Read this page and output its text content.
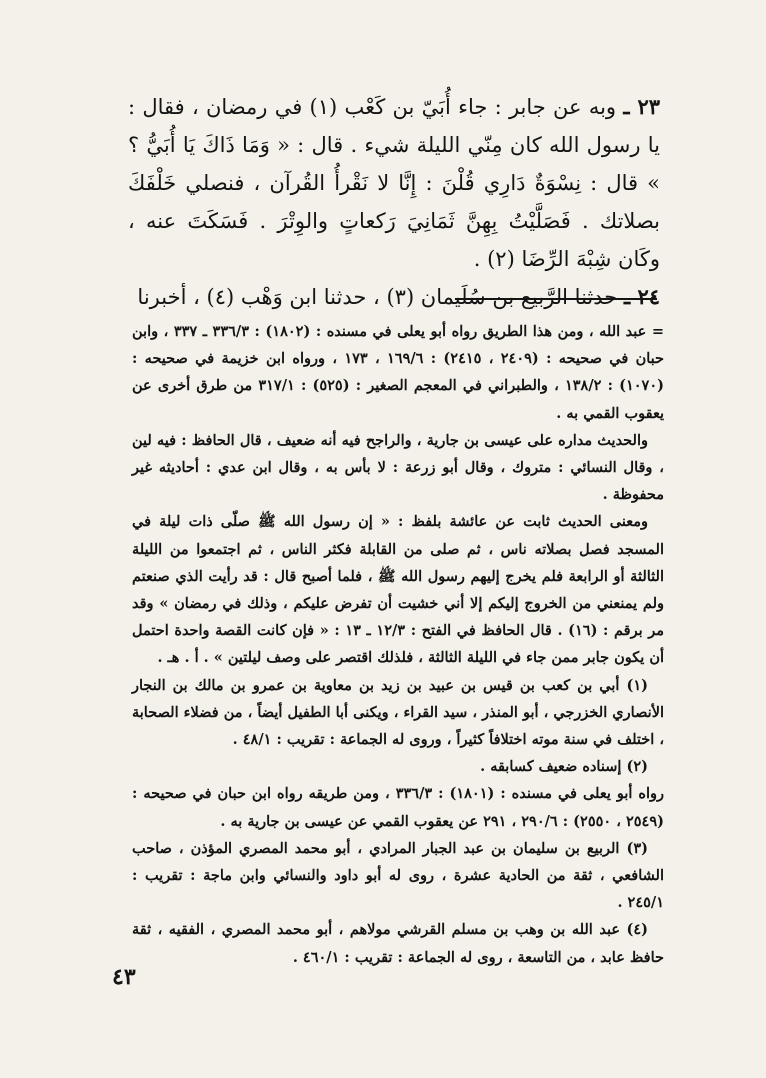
٢٣ ـ وبه عن جابر : جاء أُبَيّ بن كَعْب (١) في رمضان ، فقال : يا رسول الله كان مِنّي الليلة شيء . قال : « وَمَا ذَاكَ يَا أُبَيُّ ؟ » قال : نِسْوَةٌ دَارِي قُلْنَ : إِنَّا لا نَقْرأُ القُرآن ، فنصلي خَلْفَكَ بصلاتك . فَصَلَّيْتُ بِهِنَّ ثَمَانِيَ رَكعاتٍ والوِتْرَ . فَسَكَتَ عنه ، وكَان شِبْهَ الرِّضَا (٢) .

٢٤ ـ حدثنا الرَّبيع بن سُلَيمان (٣) ، حدثنا ابن وَهْب (٤) ، أخبرنا

= عبد الله ، ومن هذا الطريق رواه أبو يعلى في مسنده : (١٨٠٢) : ٣٣٦/٣ ـ ٣٣٧ ، وابن حبان في صحيحه : (٢٤٠٩ ، ٢٤١٥) : ١٦٩/٦ ، ١٧٣ ، ورواه ابن خزيمة في صحيحه : (١٠٧٠) : ١٣٨/٢ ، والطبراني في المعجم الصغير : (٥٢٥) : ٣١٧/١ من طرق أخرى عن يعقوب القمي به .

والحديث مداره على عيسى بن جارية ، والراجح فيه أنه ضعيف ، قال الحافظ : فيه لين ، وقال النسائي : متروك ، وقال أبو زرعة : لا بأس به ، وقال ابن عدي : أحاديثه غير محفوظة .

ومعنى الحديث ثابت عن عائشة بلفظ : « إن رسول الله ﷺ صلّى ذات ليلة في المسجد فصل بصلاته ناس ، ثم صلى من القابلة فكثر الناس ، ثم اجتمعوا من الليلة الثالثة أو الرابعة فلم يخرج إليهم رسول الله ﷺ ، فلما أصبح قال : قد رأيت الذي صنعتم ولم يمنعني من الخروج إليكم إلا أني خشيت أن تفرض عليكم ، وذلك في رمضان » وقد مر برقم : (١٦) . قال الحافظ في الفتح : ١٢/٣ ـ ١٣ : « فإن كانت القصة واحدة احتمل أن يكون جابر ممن جاء في الليلة الثالثة ، فلذلك اقتصر على وصف ليلتين » . أ . هـ .

(١) أبي بن كعب بن قيس بن عبيد بن زيد بن معاوية بن عمرو بن مالك بن النجار الأنصاري الخزرجي ، أبو المنذر ، سيد القراء ، ويكنى أبا الطفيل أيضاً ، من فضلاء الصحابة ، اختلف في سنة موته اختلافاً كثيراً ، وروى له الجماعة : تقريب : ٤٨/١ .

(٢) إسناده ضعيف كسابقه .

رواه أبو يعلى في مسنده : (١٨٠١) : ٣٣٦/٣ ، ومن طريقه رواه ابن حبان في صحيحه : (٢٥٤٩ ، ٢٥٥٠) : ٢٩٠/٦ ، ٢٩١ عن يعقوب القمي عن عيسى بن جارية به .

(٣) الربيع بن سليمان بن عبد الجبار المرادي ، أبو محمد المصري المؤذن ، صاحب الشافعي ، ثقة من الحادية عشرة ، روى له أبو داود والنسائي وابن ماجة : تقريب : ٢٤٥/١ .

(٤) عبد الله بن وهب بن مسلم القرشي مولاهم ، أبو محمد المصري ، الفقيه ، ثقة حافظ عابد ، من التاسعة ، روى له الجماعة : تقريب : ٤٦٠/١ .

٤٣
